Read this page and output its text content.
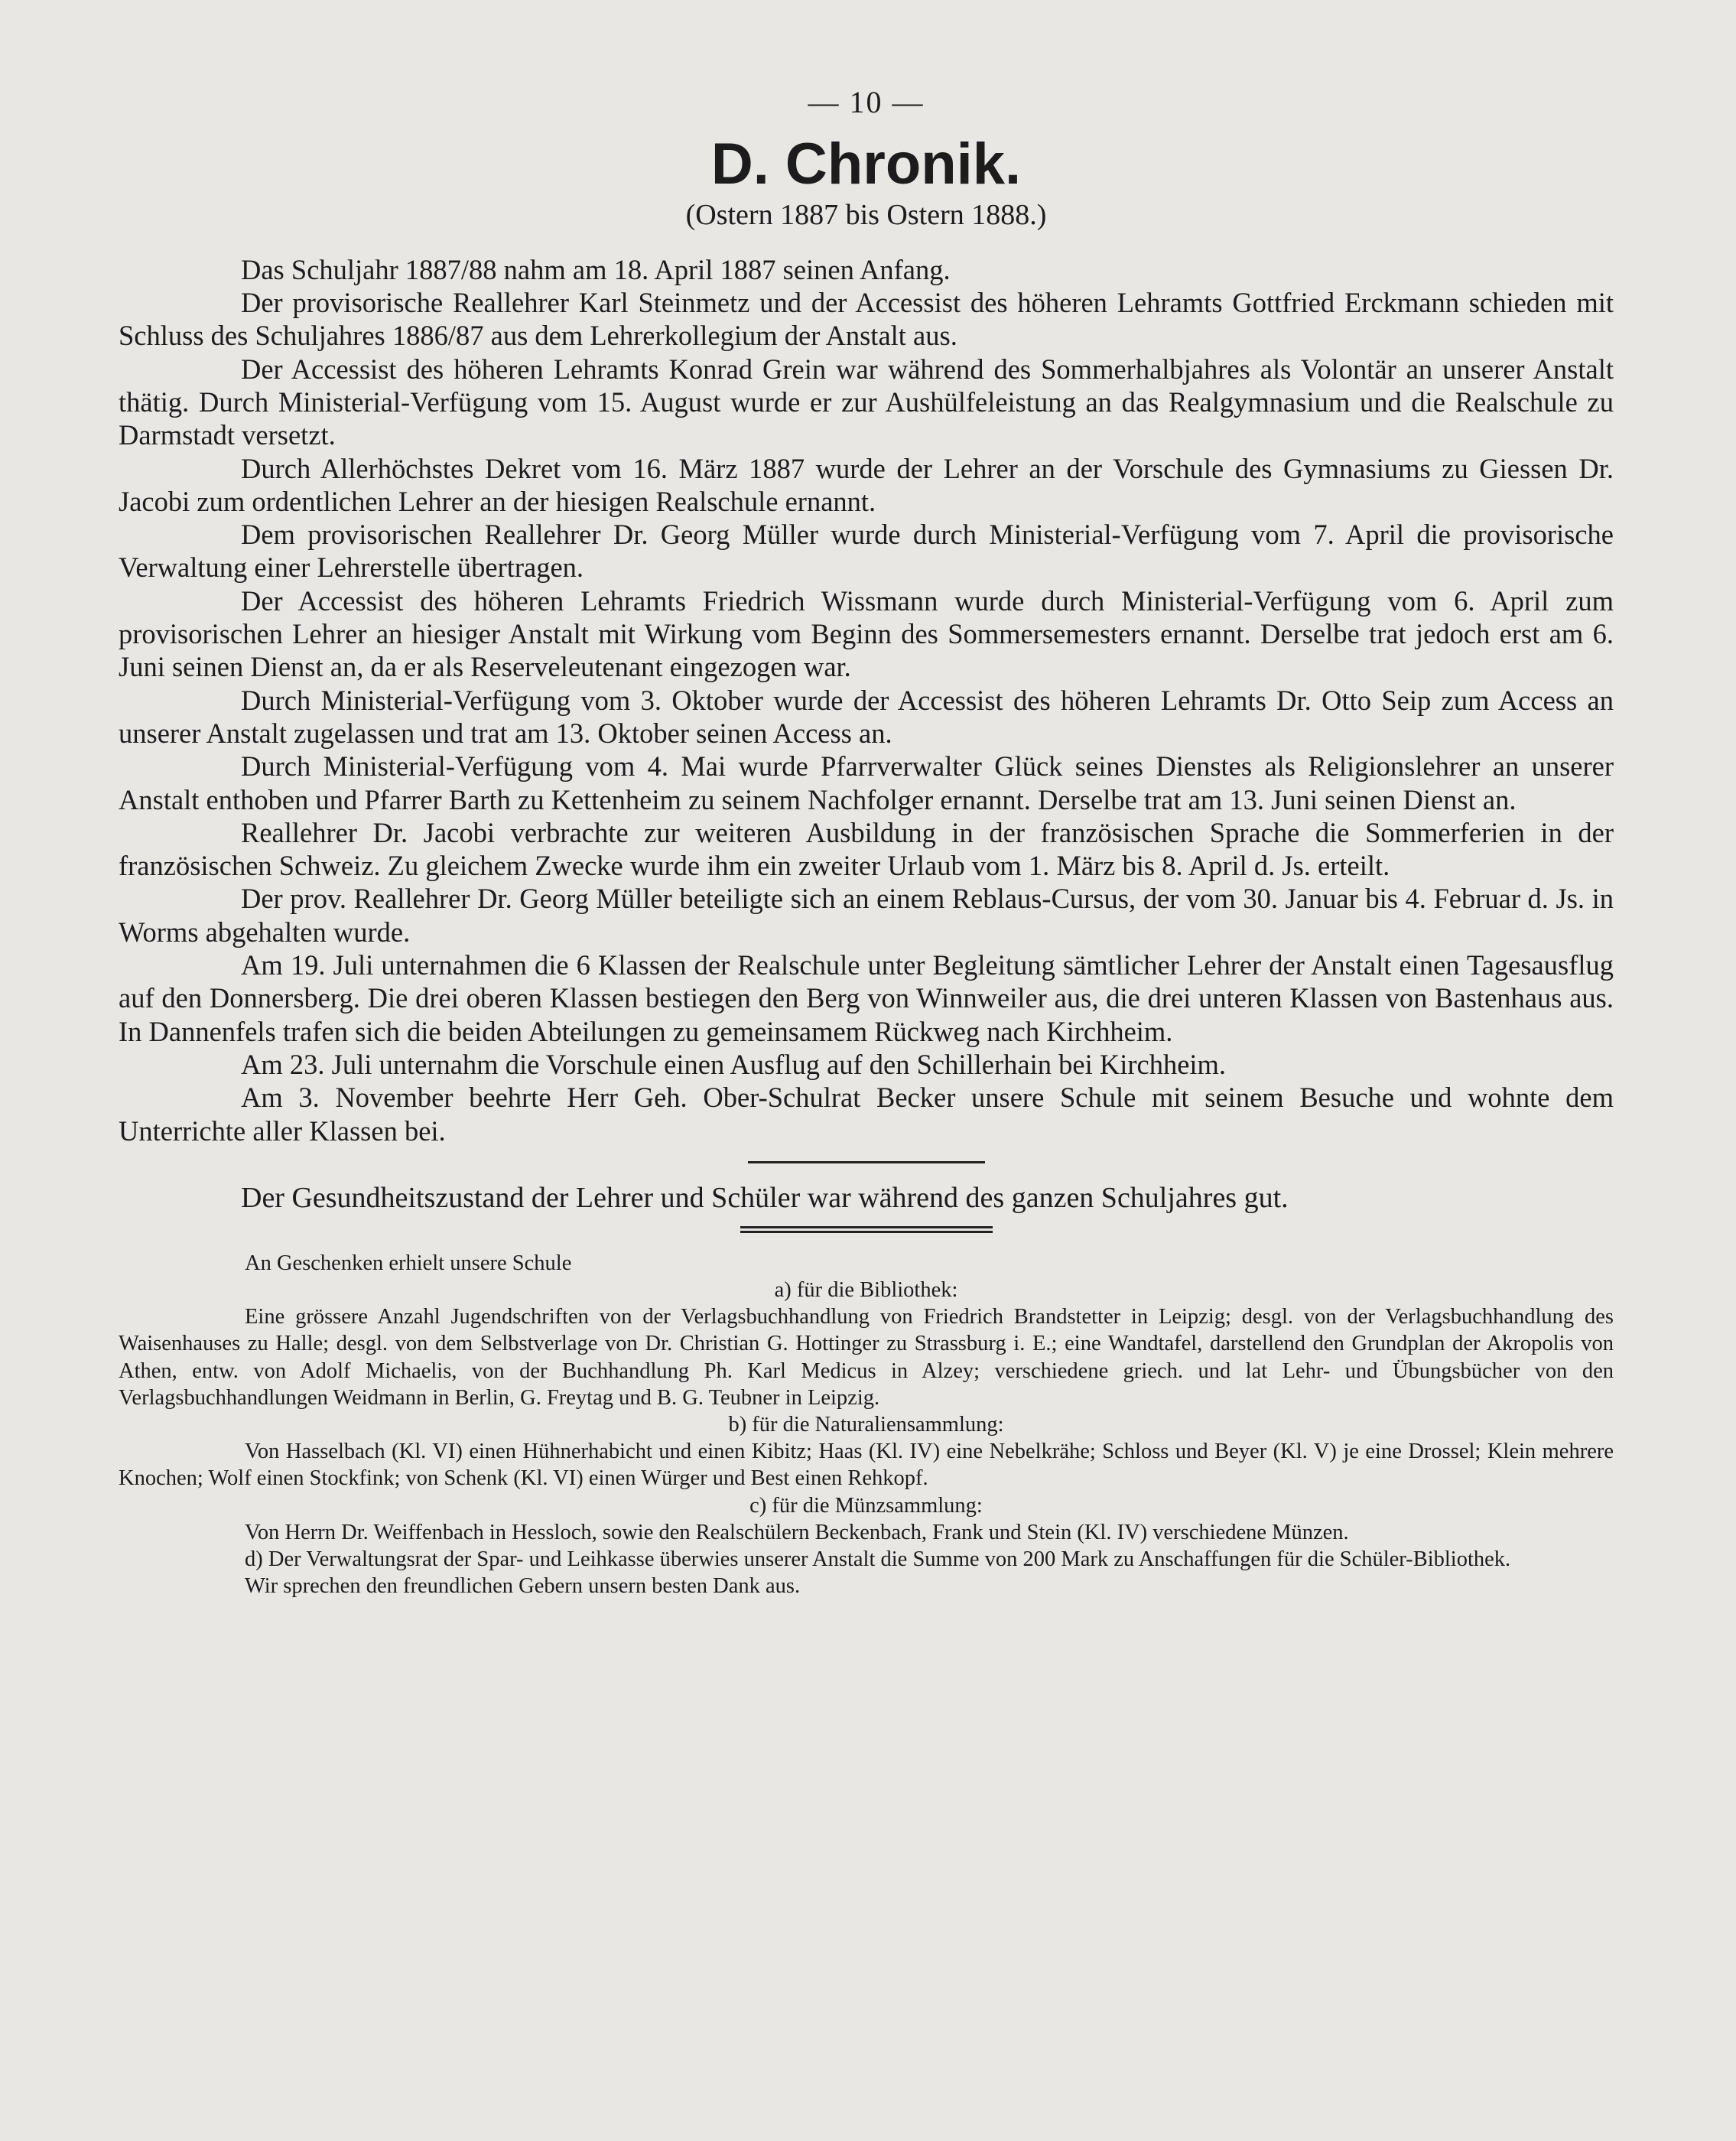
— 10 —
D. Chronik.
(Ostern 1887 bis Ostern 1888.)

Das Schuljahr 1887/88 nahm am 18. April 1887 seinen Anfang.

Der provisorische Reallehrer Karl Steinmetz und der Accessist des höheren Lehramts Gottfried Erckmann schieden mit Schluss des Schuljahres 1886/87 aus dem Lehrerkollegium der Anstalt aus.

Der Accessist des höheren Lehramts Konrad Grein war während des Sommerhalbjahres als Volontär an unserer Anstalt thätig. Durch Ministerial-Verfügung vom 15. August wurde er zur Aushülfeleistung an das Realgymnasium und die Realschule zu Darmstadt versetzt.

Durch Allerhöchstes Dekret vom 16. März 1887 wurde der Lehrer an der Vorschule des Gymnasiums zu Giessen Dr. Jacobi zum ordentlichen Lehrer an der hiesigen Realschule ernannt.

Dem provisorischen Reallehrer Dr. Georg Müller wurde durch Ministerial-Verfügung vom 7. April die provisorische Verwaltung einer Lehrerstelle übertragen.

Der Accessist des höheren Lehramts Friedrich Wissmann wurde durch Ministerial-Verfügung vom 6. April zum provisorischen Lehrer an hiesiger Anstalt mit Wirkung vom Beginn des Sommersemesters ernannt. Derselbe trat jedoch erst am 6. Juni seinen Dienst an, da er als Reserveleutenant eingezogen war.

Durch Ministerial-Verfügung vom 3. Oktober wurde der Accessist des höheren Lehramts Dr. Otto Seip zum Access an unserer Anstalt zugelassen und trat am 13. Oktober seinen Access an.

Durch Ministerial-Verfügung vom 4. Mai wurde Pfarrverwalter Glück seines Dienstes als Religionslehrer an unserer Anstalt enthoben und Pfarrer Barth zu Kettenheim zu seinem Nachfolger ernannt. Derselbe trat am 13. Juni seinen Dienst an.

Reallehrer Dr. Jacobi verbrachte zur weiteren Ausbildung in der französischen Sprache die Sommerferien in der französischen Schweiz. Zu gleichem Zwecke wurde ihm ein zweiter Urlaub vom 1. März bis 8. April d. Js. erteilt.

Der prov. Reallehrer Dr. Georg Müller beteiligte sich an einem Reblaus-Cursus, der vom 30. Januar bis 4. Februar d. Js. in Worms abgehalten wurde.

Am 19. Juli unternahmen die 6 Klassen der Realschule unter Begleitung sämtlicher Lehrer der Anstalt einen Tagesausflug auf den Donnersberg. Die drei oberen Klassen bestiegen den Berg von Winnweiler aus, die drei unteren Klassen von Bastenhaus aus. In Dannenfels trafen sich die beiden Abteilungen zu gemeinsamem Rückweg nach Kirchheim.

Am 23. Juli unternahm die Vorschule einen Ausflug auf den Schillerhain bei Kirchheim.

Am 3. November beehrte Herr Geh. Ober-Schulrat Becker unsere Schule mit seinem Besuche und wohnte dem Unterrichte aller Klassen bei.

Der Gesundheitszustand der Lehrer und Schüler war während des ganzen Schuljahres gut.

An Geschenken erhielt unsere Schule

a) für die Bibliothek:

Eine grössere Anzahl Jugendschriften von der Verlagsbuchhandlung von Friedrich Brandstetter in Leipzig; desgl. von der Verlagsbuchhandlung des Waisenhauses zu Halle; desgl. von dem Selbstverlage von Dr. Christian G. Hottinger zu Strassburg i. E.; eine Wandtafel, darstellend den Grundplan der Akropolis von Athen, entw. von Adolf Michaelis, von der Buchhandlung Ph. Karl Medicus in Alzey; verschiedene griech. und lat Lehr- und Übungsbücher von den Verlagsbuchhandlungen Weidmann in Berlin, G. Freytag und B. G. Teubner in Leipzig.

b) für die Naturaliensammlung:

Von Hasselbach (Kl. VI) einen Hühnerhabicht und einen Kibitz; Haas (Kl. IV) eine Nebelkrähe; Schloss und Beyer (Kl. V) je eine Drossel; Klein mehrere Knochen; Wolf einen Stockfink; von Schenk (Kl. VI) einen Würger und Best einen Rehkopf.

c) für die Münzsammlung:

Von Herrn Dr. Weiffenbach in Hessloch, sowie den Realschülern Beckenbach, Frank und Stein (Kl. IV) verschiedene Münzen.

d) Der Verwaltungsrat der Spar- und Leihkasse überwies unserer Anstalt die Summe von 200 Mark zu Anschaffungen für die Schüler-Bibliothek.

Wir sprechen den freundlichen Gebern unsern besten Dank aus.
